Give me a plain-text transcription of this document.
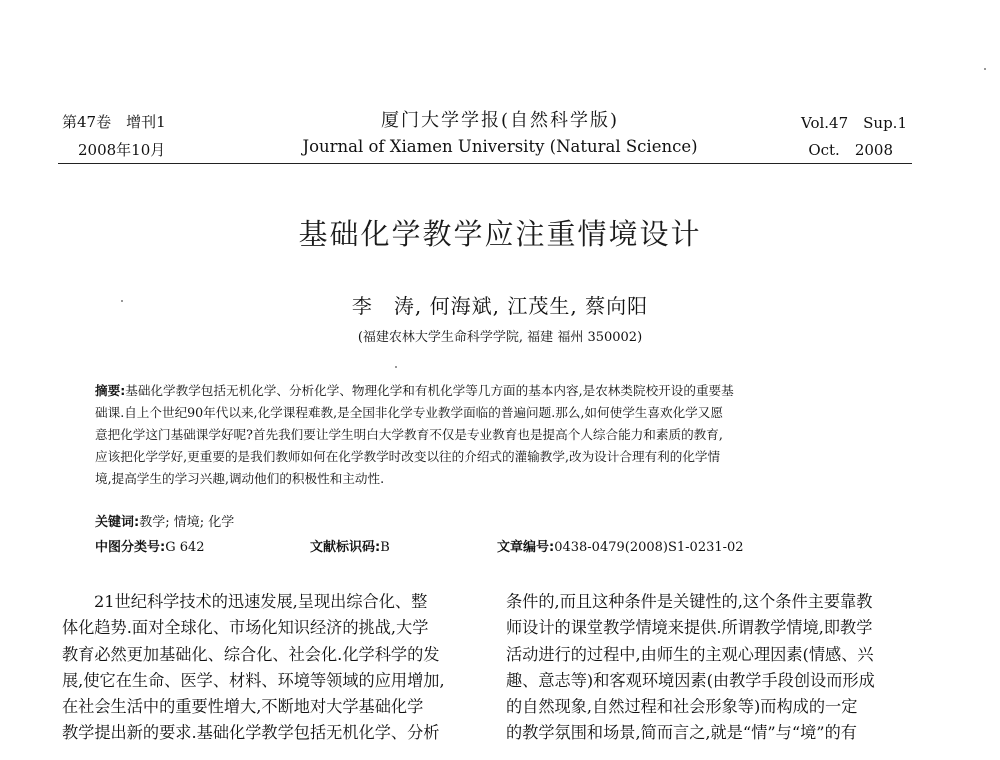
第47卷　增刊1
2008年10月
厦门大学学报(自然科学版)
Journal of Xiamen University (Natural Science)
Vol.47　Sup.1
Oct.　2008
基础化学教学应注重情境设计
李　涛, 何海斌, 江茂生, 蔡向阳
(福建农林大学生命科学学院, 福建 福州 350002)
摘要:基础化学教学包括无机化学、分析化学、物理化学和有机化学等几方面的基本内容,是农林类院校开设的重要基
础课.自上个世纪90年代以来,化学课程难教,是全国非化学专业教学面临的普遍问题.那么,如何使学生喜欢化学又愿
意把化学这门基础课学好呢?首先我们要让学生明白大学教育不仅是专业教育也是提高个人综合能力和素质的教育,
应该把化学学好,更重要的是我们教师如何在化学教学时改变以往的介绍式的灌输教学,改为设计合理有利的化学情
境,提高学生的学习兴趣,调动他们的积极性和主动性.
关键词:教学; 情境; 化学
中图分类号:G 642	文献标识码:B	文章编号:0438-0479(2008)S1-0231-02
21世纪科学技术的迅速发展,呈现出综合化、整
体化趋势.面对全球化、市场化知识经济的挑战,大学
教育必然更加基础化、综合化、社会化.化学科学的发
展,使它在生命、医学、材料、环境等领域的应用增加,
在社会生活中的重要性增大,不断地对大学基础化学
教学提出新的要求.基础化学教学包括无机化学、分析
条件的,而且这种条件是关键性的,这个条件主要靠教
师设计的课堂教学情境来提供.所谓教学情境,即教学
活动进行的过程中,由师生的主观心理因素(情感、兴
趣、意志等)和客观环境因素(由教学手段创设而形成
的自然现象,自然过程和社会形象等)而构成的一定
的教学氛围和场景,简而言之,就是“情”与“境”的有
